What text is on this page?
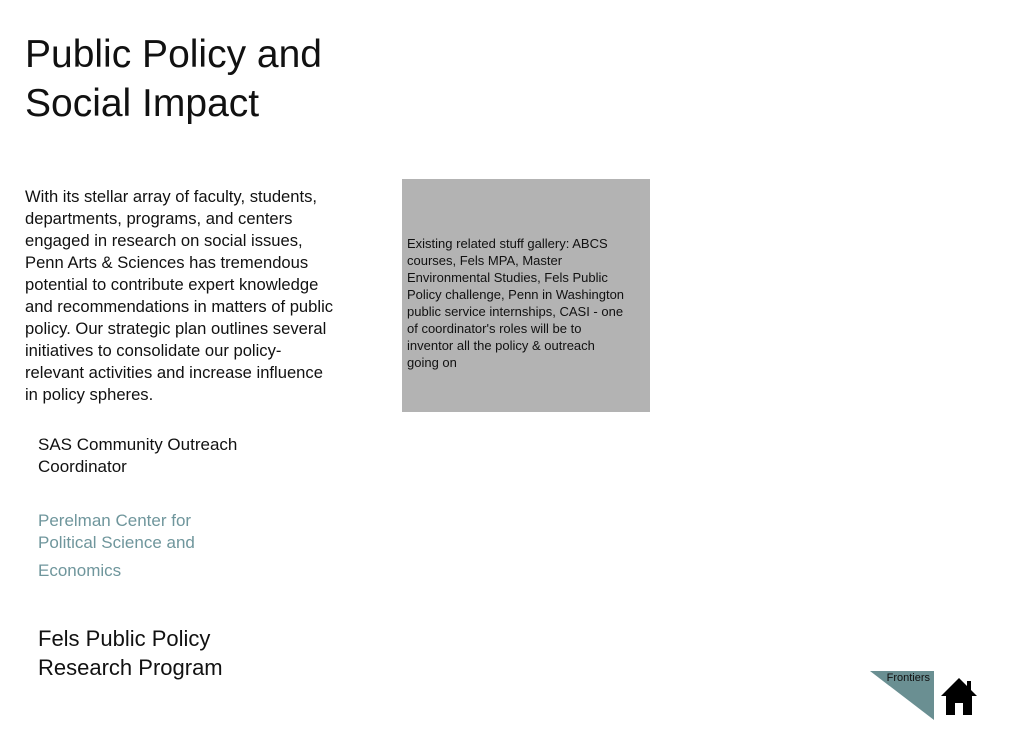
Public Policy and Social Impact

With its stellar array of faculty, students, departments, programs, and centers engaged in research on social issues, Penn Arts & Sciences has tremendous potential to contribute expert knowledge and recommendations in matters of public policy. Our strategic plan outlines several initiatives to consolidate our policy-relevant activities and increase influence in policy spheres.

SAS Community Outreach Coordinator
Perelman Center for Political Science and
Economics
Fels Public Policy Research Program
Existing related stuff gallery: ABCS courses, Fels MPA, Master Environmental Studies, Fels Public Policy challenge, Penn in Washington public service internships, CASI - one of coordinator's roles will be to inventor all the policy & outreach going on
Frontiers
